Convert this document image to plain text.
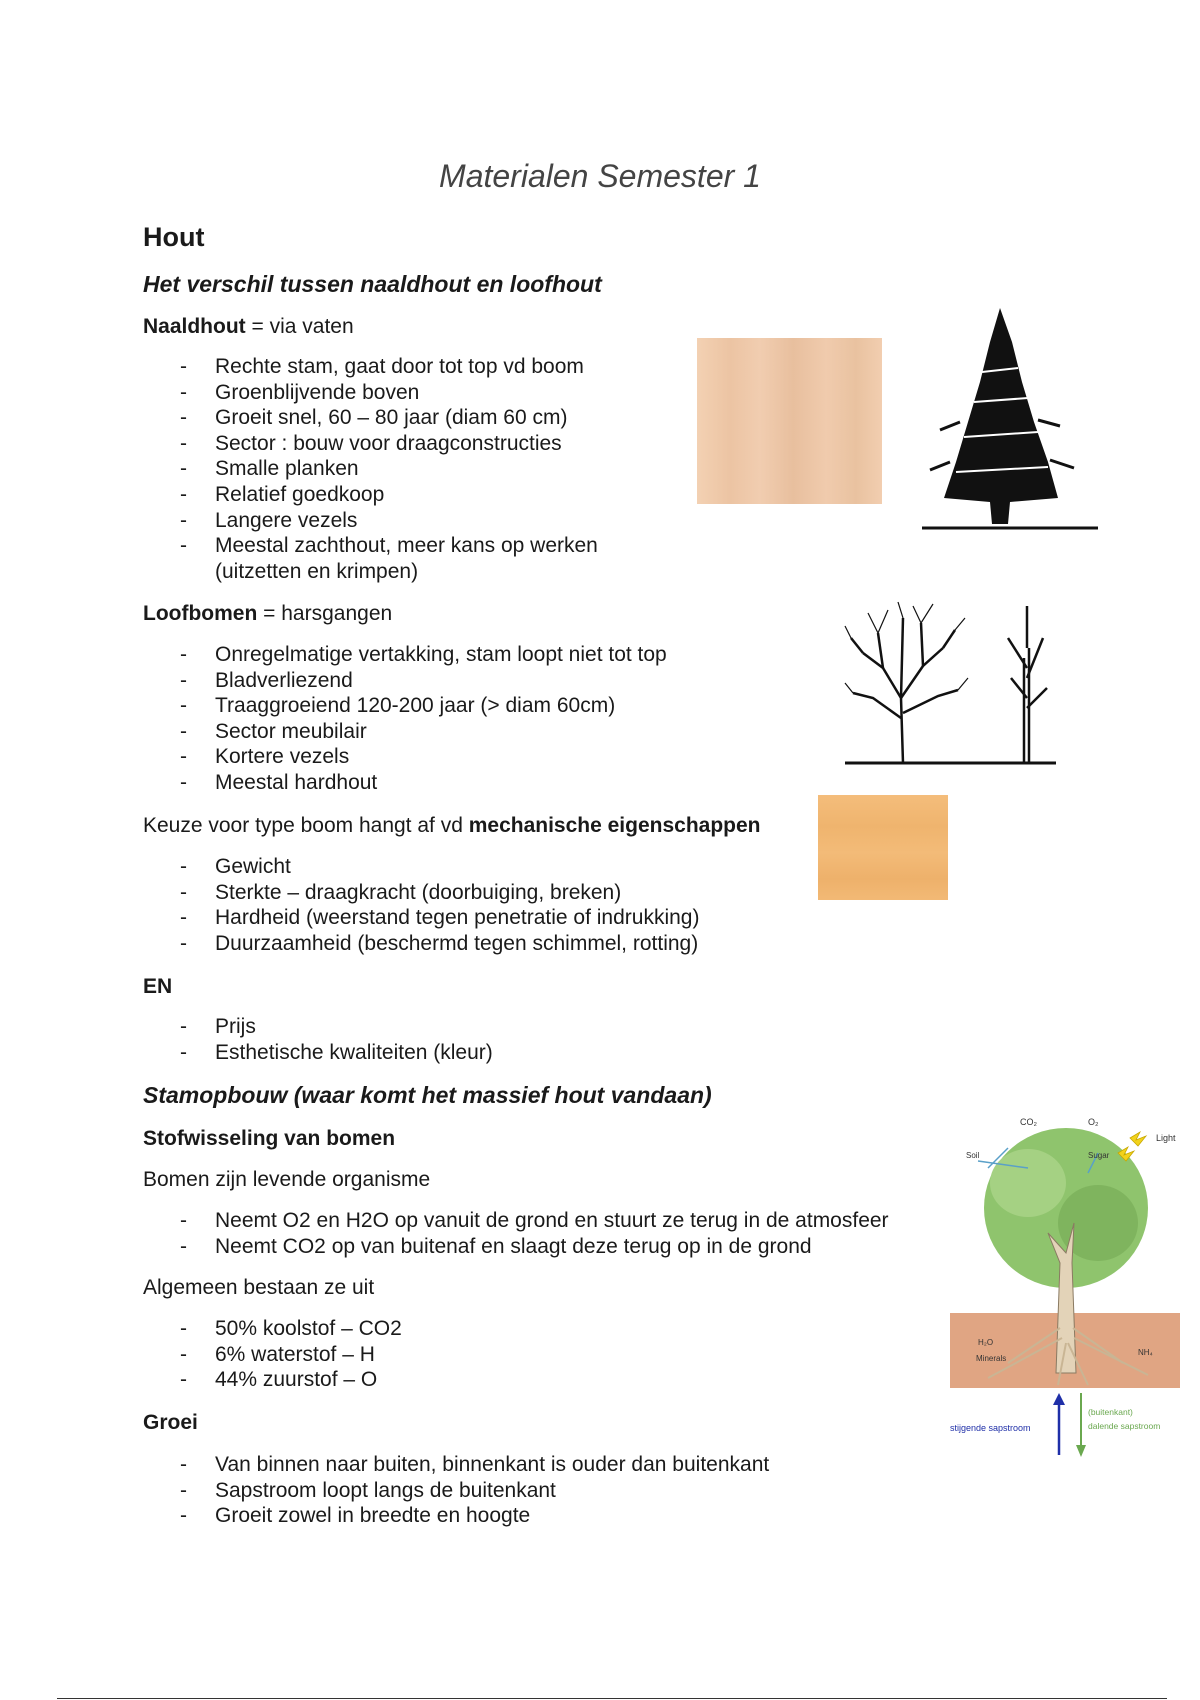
Materialen Semester 1
Hout
Het verschil tussen naaldhout en loofhout
Naaldhout = via vaten
- Rechte stam, gaat door tot top vd boom
- Groenblijvende boven
- Groeit snel, 60 – 80 jaar (diam 60 cm)
- Sector : bouw voor draagconstructies
- Smalle planken
- Relatief goedkoop
- Langere vezels
- Meestal zachthout, meer kans op werken
(uitzetten en krimpen)
Loofbomen = harsgangen
- Onregelmatige vertakking, stam loopt niet tot top
- Bladverliezend
- Traaggroeiend 120-200 jaar (> diam 60cm)
- Sector meubilair
- Kortere vezels
- Meestal hardhout
Keuze voor type boom hangt af vd mechanische eigenschappen
- Gewicht
- Sterkte – draagkracht (doorbuiging, breken)
- Hardheid (weerstand tegen penetratie of indrukking)
- Duurzaamheid (beschermd tegen schimmel, rotting)
EN
- Prijs
- Esthetische kwaliteiten (kleur)
Stamopbouw (waar komt het massief hout vandaan)
Stofwisseling van bomen
Bomen zijn levende organisme
- Neemt O2 en H2O op vanuit de grond en stuurt ze terug in de atmosfeer
- Neemt CO2 op van buitenaf en slaagt deze terug op in de grond
Algemeen bestaan ze uit
- 50% koolstof – CO2
- 6% waterstof – H
- 44% zuurstof – O
Groei
- Van binnen naar buiten, binnenkant is ouder dan buitenkant
- Sapstroom loopt langs de buitenkant
- Groeit zowel in breedte en hoogte
CO₂	O₂
Light
Soil	Sugar
H₂O
Minerals
NH₄
stijgende sapstroom
(buitenkant)
dalende sapstroom
